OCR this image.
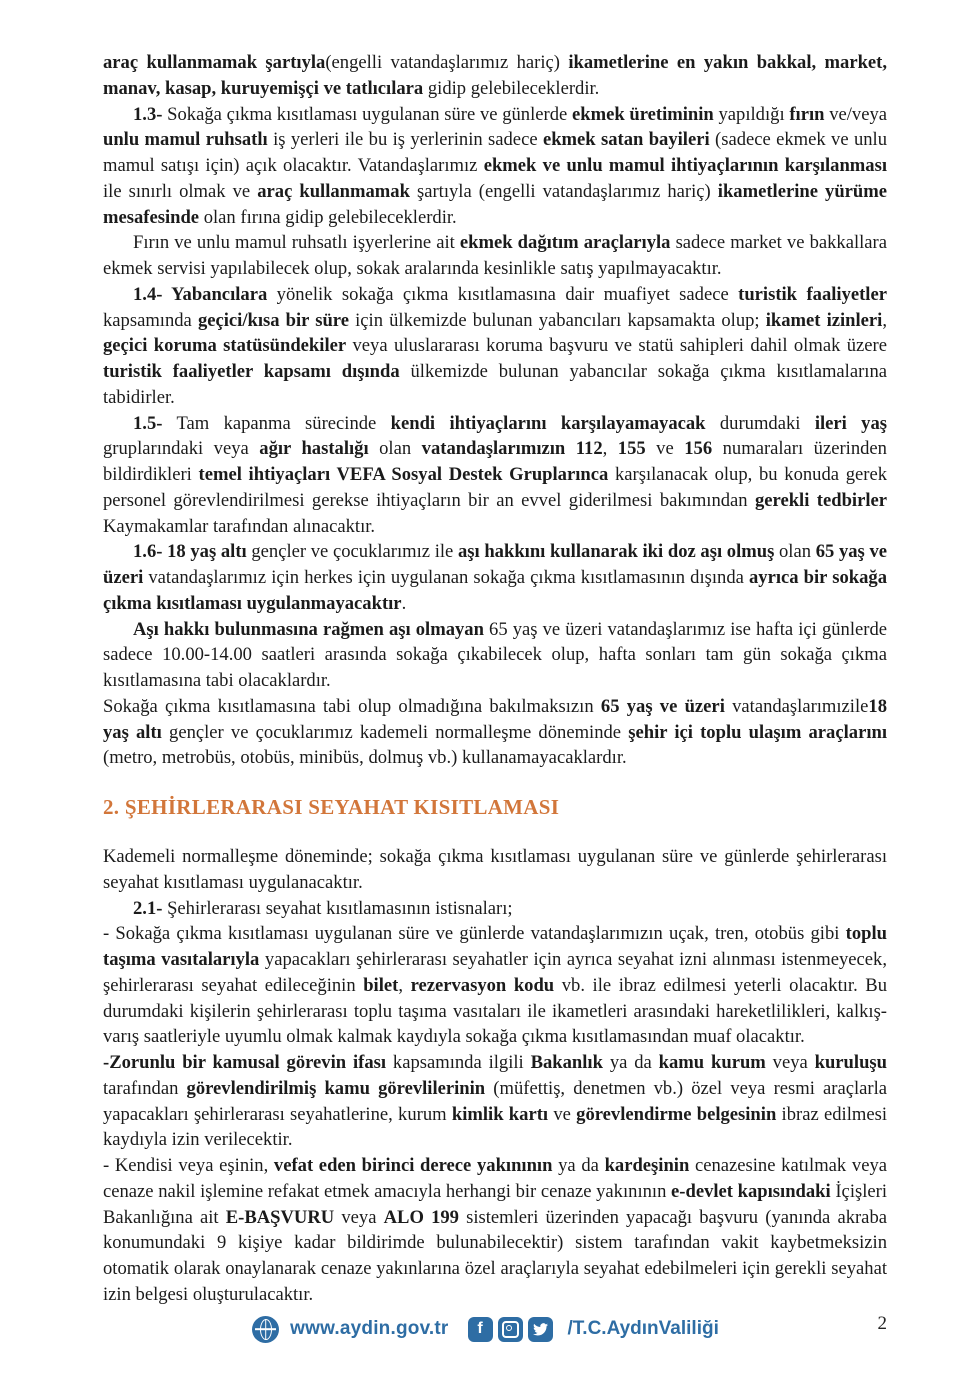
araç kullanmamak şartıyla(engelli vatandaşlarımız hariç) ikametlerine en yakın bakkal, market, manav, kasap, kuruyemişçi ve tatlıcılara gidip gelebileceklerdir.

1.3- Sokağa çıkma kısıtlaması uygulanan süre ve günlerde ekmek üretiminin yapıldığı fırın ve/veya unlu mamul ruhsatlı iş yerleri ile bu iş yerlerinin sadece ekmek satan bayileri (sadece ekmek ve unlu mamul satışı için) açık olacaktır. Vatandaşlarımız ekmek ve unlu mamul ihtiyaçlarının karşılanması ile sınırlı olmak ve araç kullanmamak şartıyla (engelli vatandaşlarımız hariç) ikametlerine yürüme mesafesinde olan fırına gidip gelebileceklerdir.

Fırın ve unlu mamul ruhsatlı işyerlerine ait ekmek dağıtım araçlarıyla sadece market ve bakkallara ekmek servisi yapılabilecek olup, sokak aralarında kesinlikle satış yapılmayacaktır.

1.4- Yabancılara yönelik sokağa çıkma kısıtlamasına dair muafiyet sadece turistik faaliyetler kapsamında geçici/kısa bir süre için ülkemizde bulunan yabancıları kapsamakta olup; ikamet izinleri, geçici koruma statüsündekiler veya uluslararası koruma başvuru ve statü sahipleri dahil olmak üzere turistik faaliyetler kapsamı dışında ülkemizde bulunan yabancılar sokağa çıkma kısıtlamalarına tabidirler.

1.5- Tam kapanma sürecinde kendi ihtiyaçlarını karşılayamayacak durumdaki ileri yaş gruplarındaki veya ağır hastalığı olan vatandaşlarımızın 112, 155 ve 156 numaraları üzerinden bildirdikleri temel ihtiyaçları VEFA Sosyal Destek Gruplarınca karşılanacak olup, bu konuda gerek personel görevlendirilmesi gerekse ihtiyaçların bir an evvel giderilmesi bakımından gerekli tedbirler Kaymakamlar tarafından alınacaktır.

1.6- 18 yaş altı gençler ve çocuklarımız ile aşı hakkını kullanarak iki doz aşı olmuş olan 65 yaş ve üzeri vatandaşlarımız için herkes için uygulanan sokağa çıkma kısıtlamasının dışında ayrıca bir sokağa çıkma kısıtlaması uygulanmayacaktır.

Aşı hakkı bulunmasına rağmen aşı olmayan 65 yaş ve üzeri vatandaşlarımız ise hafta içi günlerde sadece 10.00-14.00 saatleri arasında sokağa çıkabilecek olup, hafta sonları tam gün sokağa çıkma kısıtlamasına tabi olacaklardır.

Sokağa çıkma kısıtlamasına tabi olup olmadığına bakılmaksızın 65 yaş ve üzeri vatandaşlarımızile18 yaş altı gençler ve çocuklarımız kademeli normalleşme döneminde şehir içi toplu ulaşım araçlarını (metro, metrobüs, otobüs, minibüs, dolmuş vb.) kullanamayacaklardır.

2. ŞEHİRLERARASI SEYAHAT KISITLAMASI

Kademeli normalleşme döneminde; sokağa çıkma kısıtlaması uygulanan süre ve günlerde şehirlerarası seyahat kısıtlaması uygulanacaktır.

2.1- Şehirlerarası seyahat kısıtlamasının istisnaları;

- Sokağa çıkma kısıtlaması uygulanan süre ve günlerde vatandaşlarımızın uçak, tren, otobüs gibi toplu taşıma vasıtalarıyla yapacakları şehirlerarası seyahatler için ayrıca seyahat izni alınması istenmeyecek, şehirlerarası seyahat edileceğinin bilet, rezervasyon kodu vb. ile ibraz edilmesi yeterli olacaktır. Bu durumdaki kişilerin şehirlerarası toplu taşıma vasıtaları ile ikametleri arasındaki hareketlilikleri, kalkış-varış saatleriyle uyumlu olmak kalmak kaydıyla sokağa çıkma kısıtlamasından muaf olacaktır.

-Zorunlu bir kamusal görevin ifası kapsamında ilgili Bakanlık ya da kamu kurum veya kuruluşu tarafından görevlendirilmiş kamu görevlilerinin (müfettiş, denetmen vb.) özel veya resmi araçlarla yapacakları şehirlerarası seyahatlerine, kurum kimlik kartı ve görevlendirme belgesinin ibraz edilmesi kaydıyla izin verilecektir.

- Kendisi veya eşinin, vefat eden birinci derece yakınının ya da kardeşinin cenazesine katılmak veya cenaze nakil işlemine refakat etmek amacıyla herhangi bir cenaze yakınının e-devlet kapısındaki İçişleri Bakanlığına ait E-BAŞVURU veya ALO 199 sistemleri üzerinden yapacağı başvuru (yanında akraba konumundaki 9 kişiye kadar bildirimde bulunabilecektir) sistem tarafından vakit kaybetmeksizin otomatik olarak onaylanarak cenaze yakınlarına özel araçlarıyla seyahat edebilmeleri için gerekli seyahat izin belgesi oluşturulacaktır.

www.aydin.gov.tr	f	/T.C.AydınValiliği	2
